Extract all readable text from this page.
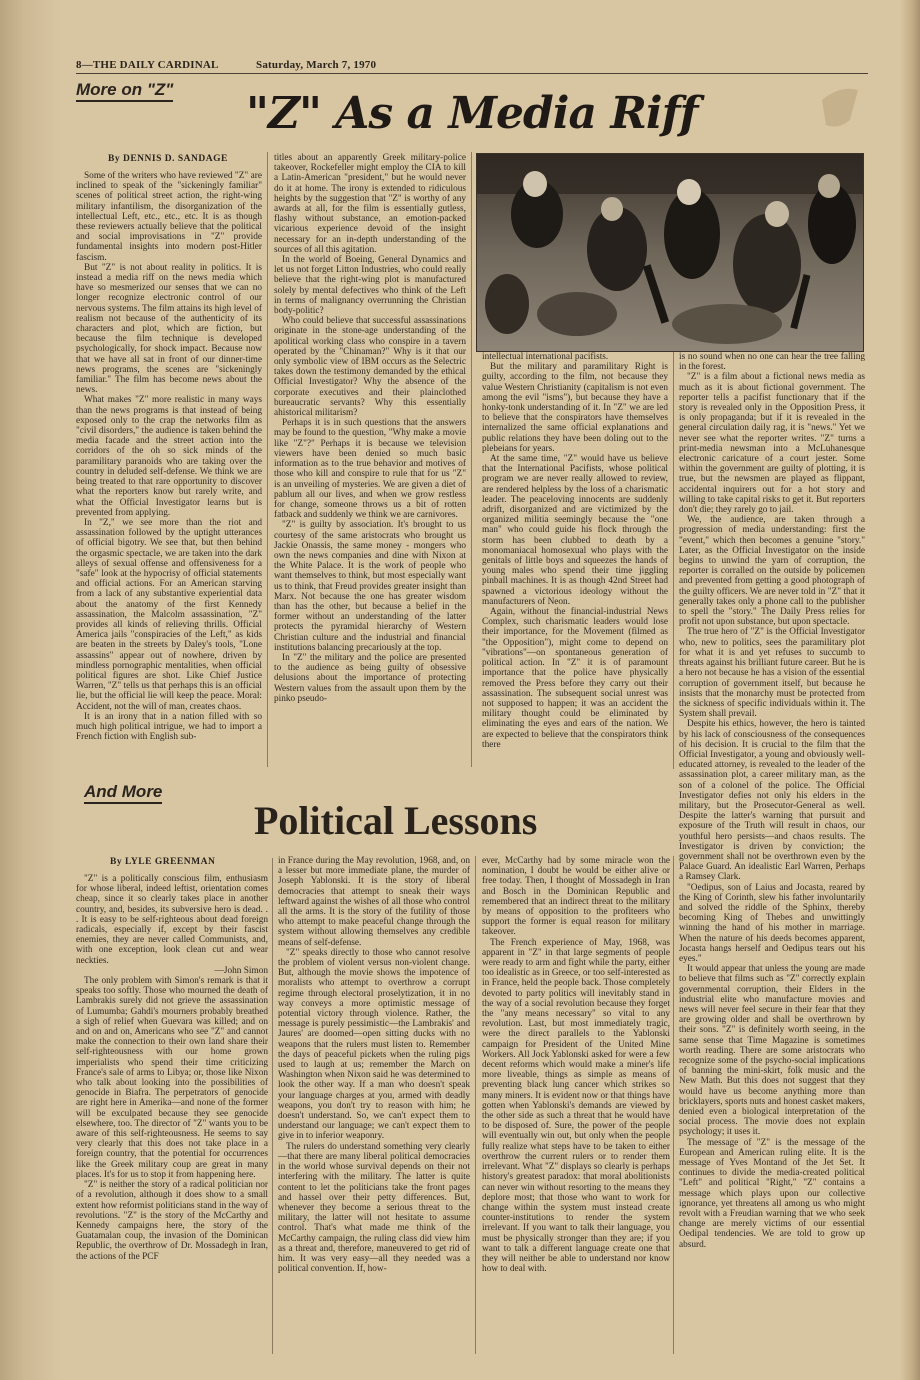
8—THE DAILY CARDINAL	Saturday, March 7, 1970
More on "Z" "Z" As a Media Riff
By DENNIS D. SANDAGE

Some of the writers who have reviewed "Z" are inclined to speak of the "sickeningly familiar" scenes of political street action, the right-wing military infantilism, the disorganization of the intellectual Left, etc., etc., etc. It is as though these reviewers actually believe that the political and social improvisations in "Z" provide fundamental insights into modern post-Hitler fascism.

But "Z" is not about reality in politics. It is instead a media riff on the news media which have so mesmerized our senses that we can no longer recognize electronic control of our nervous systems. The film attains its high level of realism not because of the authenticity of its characters and plot, which are fiction, but because the film technique is developed psychologically, for shock impact. Because now that we have all sat in front of our dinner-time news programs, the scenes are "sickeningly familiar." The film has become news about the news.

What makes "Z" more realistic in many ways than the news programs is that instead of being exposed only to the crap the networks film as "civil disorders," the audience is taken behind the media facade and the street action into the corridors of the oh so sick minds of the paramilitary paranoids who are taking over the country in deluded self-defense. We think we are being treated to that rare opportunity to discover what the reporters know but rarely write, and what the Official Investigator learns but is prevented from applying.

In "Z," we see more than the riot and assassination followed by the uptight utterances of official bigotry. We see that, but then behind the orgasmic spectacle, we are taken into the dark alleys of sexual offense and offensiveness for a "safe" look at the hypocrisy of official statements and official actions. For an American starving from a lack of any substantive experiential data about the anatomy of the first Kennedy assassination, the Malcolm assassination, "Z" provides all kinds of relieving thrills. Official America jails "conspiracies of the Left," as kids are beaten in the streets by Daley's tools, "Lone assassins" appear out of nowhere, driven by mindless pornographic mentalities, when official political figures are shot. Like Chief Justice Warren, "Z" tells us that perhaps this is an official lie, but the official lie will keep the peace. Moral: Accident, not the will of man, creates chaos.

It is an irony that in a nation filled with so much high political intrigue, we had to import a French fiction with English sub-

titles about an apparently Greek military-police takeover, Rockefeller might employ the CIA to kill a Latin-American "president," but he would never do it at home. The irony is extended to ridiculous heights by the suggestion that "Z" is worthy of any awards at all, for the film is essentially gutless, flashy without substance, an emotion-packed vicarious experience devoid of the insight necessary for an in-depth understanding of the sources of all this agitation.

In the world of Boeing, General Dynamics and let us not forget Litton Industries, who could really believe that the right-wing plot is manufactured solely by mental defectives who think of the Left in terms of malignancy overrunning the Christian body-politic?

Who could believe that successful assassinations originate in the stone-age understanding of the apolitical working class who conspire in a tavern operated by the "Chinaman?" Why is it that our only symbolic view of IBM occurs as the Selectric takes down the testimony demanded by the ethical Official Investigator? Why the absence of the corporate executives and their plainclothed bureaucratic servants? Why this essentially ahistorical militarism?

Perhaps it is in such questions that the answers may be found to the question, "Why make a movie like "Z"?" Perhaps it is because we television viewers have been denied so much basic information as to the true behavior and motives of those who kill and conspire to rule that for us "Z" is an unveiling of mysteries. We are given a diet of pablum all our lives, and when we grow restless for change, someone throws us a bit of rotten fatback and suddenly we think we are carnivores.

"Z" is guilty by association. It's brought to us courtesy of the same aristocrats who brought us Jackie Onassis, the same money - mongers who own the news companies and dine with Nixon at the White Palace. It is the work of people who want themselves to think, but most especially want us to think, that Freud provides greater insight than Marx. Not because the one has greater wisdom than has the other, but because a belief in the former without an understanding of the latter protects the pyramidal hierarchy of Western Christian culture and the industrial and financial institutions balancing precariously at the top.

In "Z" the military and the police are presented to the audience as being guilty of obsessive delusions about the importance of protecting Western values from the assault upon them by the pinko pseudo-

intellectual international pacifists.

But the military and paramilitary Right is guilty, according to the film, not because they value Western Christianity (capitalism is not even among the evil "isms"), but because they have a honky-tonk understanding of it. In "Z" we are led to believe that the conspirators have themselves internalized the same official explanations and public relations they have been doling out to the plebeians for years.

At the same time, "Z" would have us believe that the International Pacifists, whose political program we are never really allowed to review, are rendered helpless by the loss of a charismatic leader. The peaceloving innocents are suddenly adrift, disorganized and are victimized by the organized militia seemingly because the "one man" who could guide his flock through the storm has been clubbed to death by a monomaniacal homosexual who plays with the genitals of little boys and squeezes the hands of young males who spend their time jiggling pinball machines. It is as though 42nd Street had spawned a victorious ideology without the manufacturers of Neon.

Again, without the financial-industrial News Complex, such charismatic leaders would lose their importance, for the Movement (filmed as "the Opposition"), might come to depend on "vibrations"—on spontaneous generation of political action. In "Z" it is of paramount importance that the police have physically removed the Press before they carry out their assassination. The subsequent social unrest was not supposed to happen; it was an accident the military thought could be eliminated by eliminating the eyes and ears of the nation. We are expected to believe that the conspirators think there

is no sound when no one can hear the tree falling in the forest.

"Z" is a film about a fictional news media as much as it is about fictional government. The reporter tells a pacifist functionary that if the story is revealed only in the Opposition Press, it is only propaganda; but if it is revealed in the general circulation daily rag, it is "news." Yet we never see what the reporter writes. "Z" turns a print-media newsman into a McLuhanesque electronic caricature of a court jester. Some within the government are guilty of plotting, it is true, but the newsmen are played as flippant, accidental inquirers out for a hot story and willing to take capital risks to get it. But reporters don't die; they rarely go to jail.

We, the audience, are taken through a progression of media understanding: first the "event," which then becomes a genuine "story." Later, as the Official Investigator on the inside begins to unwind the yarn of corruption, the reporter is corralled on the outside by policemen and prevented from getting a good photograph of the guilty officers. We are never told in "Z" that it generally takes only a phone call to the publisher to spell the "story." The Daily Press relies for profit not upon substance, but upon spectacle.

The true hero of "Z" is the Official Investigator who, new to politics, sees the paramilitary plot for what it is and yet refuses to succumb to threats against his brilliant future career. But he is a hero not because he has a vision of the essential corruption of government itself, but because he insists that the monarchy must be protected from the sickness of specific individuals within it. The System shall prevail.

Despite his ethics, however, the hero is tainted by his lack of consciousness of the consequences of his decision. It is crucial to the film that the Official Investigator, a young and obviously well-educated attorney, is revealed to the leader of the assassination plot, a career military man, as the son of a colonel of the police. The Official Investigator defies not only his elders in the military, but the Prosecutor-General as well. Despite the latter's warning that pursuit and exposure of the Truth will result in chaos, our youthful hero persists—and chaos results. The Investigator is driven by conviction; the government shall not be overthrown even by the Palace Guard. An idealistic Earl Warren, Perhaps a Ramsey Clark.

"Oedipus, son of Laius and Jocasta, reared by the King of Corinth, slew his father involuntarily and solved the riddle of the Sphinx, thereby becoming King of Thebes and unwittingly winning the hand of his mother in marriage. When the nature of his deeds becomes apparent, Jocasta hangs herself and Oedipus tears out his eyes."

It would appear that unless the young are made to believe that films such as "Z" correctly explain governmental corruption, their Elders in the industrial elite who manufacture movies and news will never feel secure in their fear that they are growing older and shall be overthrown by their sons. "Z" is definitely worth seeing, in the same sense that Time Magazine is sometimes worth reading. There are some aristocrats who recognize some of the psycho-social implications of banning the mini-skirt, folk music and the New Math. But this does not suggest that they would have us become anything more than bricklayers, sports nuts and honest casket makers, denied even a biological interpretation of the social process. The movie does not explain psychology; it uses it.

The message of "Z" is the message of the European and American ruling elite. It is the message of Yves Montand of the Jet Set. It continues to divide the media-created political "Left" and political "Right," "Z" contains a message which plays upon our collective ignorance, yet threatens all among us who might revolt with a Freudian warning that we who seek change are merely victims of our essential Oedipal tendencies. We are told to grow up absurd.

And More
Political Lessons
By LYLE GREENMAN

"Z" is a politically conscious film, enthusiasm for whose liberal, indeed leftist, orientation comes cheap, since it so clearly takes place in another country, and, besides, its subversive hero is dead. . . It is easy to be self-righteous about dead foreign radicals, especially if, except by their fascist enemies, they are never called Communists, and, with one exception, look clean cut and wear neckties.

—John Simon

The only problem with Simon's remark is that it speaks too softly. Those who mourned the death of Lambrakis surely did not grieve the assassination of Lumumba; Gahdi's mourners probably breathed a sigh of relief when Guevara was killed; and on and on and on, Americans who see "Z" and cannot make the connection to their own land share their self-righteousness with our home grown imperialists who spend their time criticizing France's sale of arms to Libya; or, those like Nixon who talk about looking into the possibilities of genocide in Biafra. The perpetrators of genocide are right here in Amerika—and none of the former will be exculpated because they see genocide elsewhere, too. The director of "Z" wants you to be aware of this self-righteousness. He seems to say very clearly that this does not take place in a foreign country, that the potential for occurrences like the Greek military coup are great in many places. It's for us to stop it from happening here.

"Z" is neither the story of a radical politician nor of a revolution, although it does show to a small extent how reformist politicians stand in the way of revolutions. "Z" is the story of the McCarthy and Kennedy campaigns here, the story of the Guatamalan coup, the invasion of the Dominican Republic, the overthrow of Dr. Mossadegh in Iran, the actions of the PCF

in France during the May revolution, 1968, and, on a lesser but more immediate plane, the murder of Joseph Yablonski. It is the story of liberal democracies that attempt to sneak their ways leftward against the wishes of all those who control all the arms. It is the story of the futility of those who attempt to make peaceful change through the system without allowing themselves any credible means of self-defense.

"Z" speaks directly to those who cannot resolve the problem of violent versus non-violent change. But, although the movie shows the impotence of moralists who attempt to overthrow a corrupt regime through electoral proselytization, it in no way conveys a more optimistic message of potential victory through violence. Rather, the message is purely pessimistic—the Lambrakis' and Jaures' are doomed—open sitting ducks with no weapons that the rulers must listen to. Remember the days of peaceful pickets when the ruling pigs used to laugh at us; remember the March on Washington when Nixon said he was determined to look the other way. If a man who doesn't speak your language charges at you, armed with deadly weapons, you don't try to reason with him; he doesn't understand. So, we can't expect them to understand our language; we can't expect them to give in to inferior weaponry.

The rulers do understand something very clearly—that there are many liberal political democracies in the world whose survival depends on their not interfering with the military. The latter is quite content to let the politicians take the front pages and hassel over their petty differences. But, whenever they become a serious threat to the military, the latter will not hesitate to assume control. That's what made me think of the McCarthy campaign, the ruling class did view him as a threat and, therefore, maneuvered to get rid of him. It was very easy—all they needed was a political convention. If, how-

ever, McCarthy had by some miracle won the nomination, I doubt he would be either alive or free today. Then, I thought of Mossadegh in Iran and Bosch in the Dominican Republic and remembered that an indirect threat to the military by means of opposition to the profiteers who support the former is equal reason for military takeover.

The French experience of May, 1968, was apparent in "Z" in that large segments of people were ready to arm and fight while the party, either too idealistic as in Greece, or too self-interested as in France, held the people back. Those completely devoted to party politics will inevitably stand in the way of a social revolution because they forget the "any means necessary" so vital to any revolution. Last, but most immediately tragic, were the direct parallels to the Yablonski campaign for President of the United Mine Workers. All Jock Yablonski asked for were a few decent reforms which would make a miner's life more liveable, things as simple as means of preventing black lung cancer which strikes so many miners. It is evident now or that things have gotten when Yablonski's demands are viewed by the other side as such a threat that he would have to be disposed of. Sure, the power of the people will eventually win out, but only when the people fully realize what steps have to be taken to either overthrow the current rulers or to render them irrelevant. What "Z" displays so clearly is perhaps history's greatest paradox: that moral abolitionists can never win without resorting to the means they deplore most; that those who want to work for change within the system must instead create counter-institutions to render the system irrelevant. If you want to talk their language, you must be physically stronger than they are; if you want to talk a different language create one that they will neither be able to understand nor know how to deal with.
